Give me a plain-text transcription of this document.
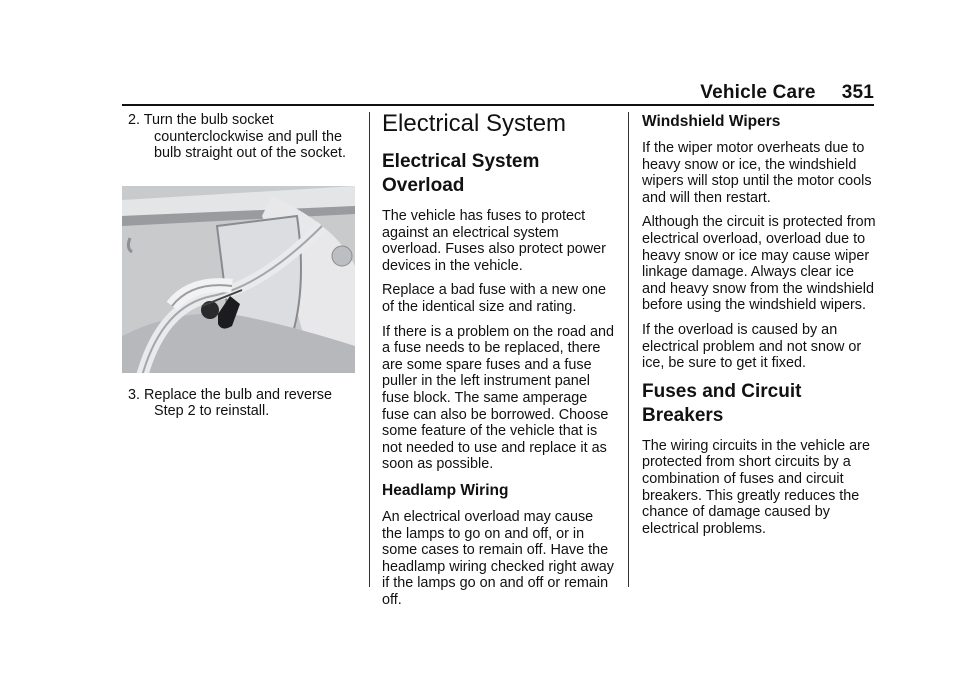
Vehicle Care 351

2. Turn the bulb socket counterclockwise and pull the bulb straight out of the socket.

3. Replace the bulb and reverse Step 2 to reinstall.

Electrical System
Electrical System Overload

The vehicle has fuses to protect against an electrical system overload. Fuses also protect power devices in the vehicle.

Replace a bad fuse with a new one of the identical size and rating.

If there is a problem on the road and a fuse needs to be replaced, there are some spare fuses and a fuse puller in the left instrument panel fuse block. The same amperage fuse can also be borrowed. Choose some feature of the vehicle that is not needed to use and replace it as soon as possible.

Headlamp Wiring

An electrical overload may cause the lamps to go on and off, or in some cases to remain off. Have the headlamp wiring checked right away if the lamps go on and off or remain off.

Windshield Wipers

If the wiper motor overheats due to heavy snow or ice, the windshield wipers will stop until the motor cools and will then restart.

Although the circuit is protected from electrical overload, overload due to heavy snow or ice may cause wiper linkage damage. Always clear ice and heavy snow from the windshield before using the windshield wipers.

If the overload is caused by an electrical problem and not snow or ice, be sure to get it fixed.

Fuses and Circuit Breakers

The wiring circuits in the vehicle are protected from short circuits by a combination of fuses and circuit breakers. This greatly reduces the chance of damage caused by electrical problems.
